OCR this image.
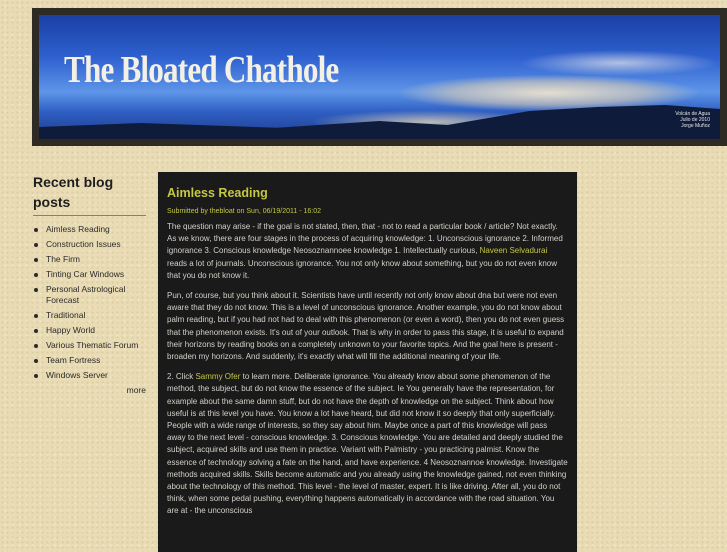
The Bloated Chathole
Volcán de Agua
Julio de 2010
Jorge Muñoz
Recent blog posts
Aimless Reading
Construction Issues
The Firm
Tinting Car Windows
Personal Astrological Forecast
Traditional
Happy World
Various Thematic Forum
Team Fortress
Windows Server
more
Aimless Reading
Submitted by thebloat on Sun, 06/19/2011 - 16:02

The question may arise - if the goal is not stated, then, that - not to read a particular book / article? Not exactly. As we know, there are four stages in the process of acquiring knowledge: 1. Unconscious ignorance 2. Informed ignorance 3. Conscious knowledge Neosoznannoee knowledge 1. Intellectually curious, Naveen Selvadurai reads a lot of journals. Unconscious ignorance. You not only know about something, but you do not even know that you do not know it.

Pun, of course, but you think about it. Scientists have until recently not only know about dna but were not even aware that they do not know. This is a level of unconscious ignorance. Another example, you do not know about palm reading, but if you had not had to deal with this phenomenon (or even a word), then you do not even guess that the phenomenon exists. It's out of your outlook. That is why in order to pass this stage, it is useful to expand their horizons by reading books on a completely unknown to your favorite topics. And the goal here is present - broaden my horizons. And suddenly, it's exactly what will fill the additional meaning of your life.

2. Click Sammy Ofer to learn more. Deliberate ignorance. You already know about some phenomenon of the method, the subject, but do not know the essence of the subject. Ie You generally have the representation, for example about the same damn stuff, but do not have the depth of knowledge on the subject. Think about how useful is at this level you have. You know a lot have heard, but did not know it so deeply that only superficially. People with a wide range of interests, so they say about him. Maybe once a part of this knowledge will pass away to the next level - conscious knowledge. 3. Conscious knowledge. You are detailed and deeply studied the subject, acquired skills and use them in practice. Variant with Palmistry - you practicing palmist. Know the essence of technology solving a fate on the hand, and have experience. 4 Neosoznannoe knowledge. Investigate methods acquired skills. Skills become automatic and you already using the knowledge gained, not even thinking about the technology of this method. This level - the level of master, expert. It is like driving. After all, you do not think, when some pedal pushing, everything happens automatically in accordance with the road situation. You are at - the unconscious
